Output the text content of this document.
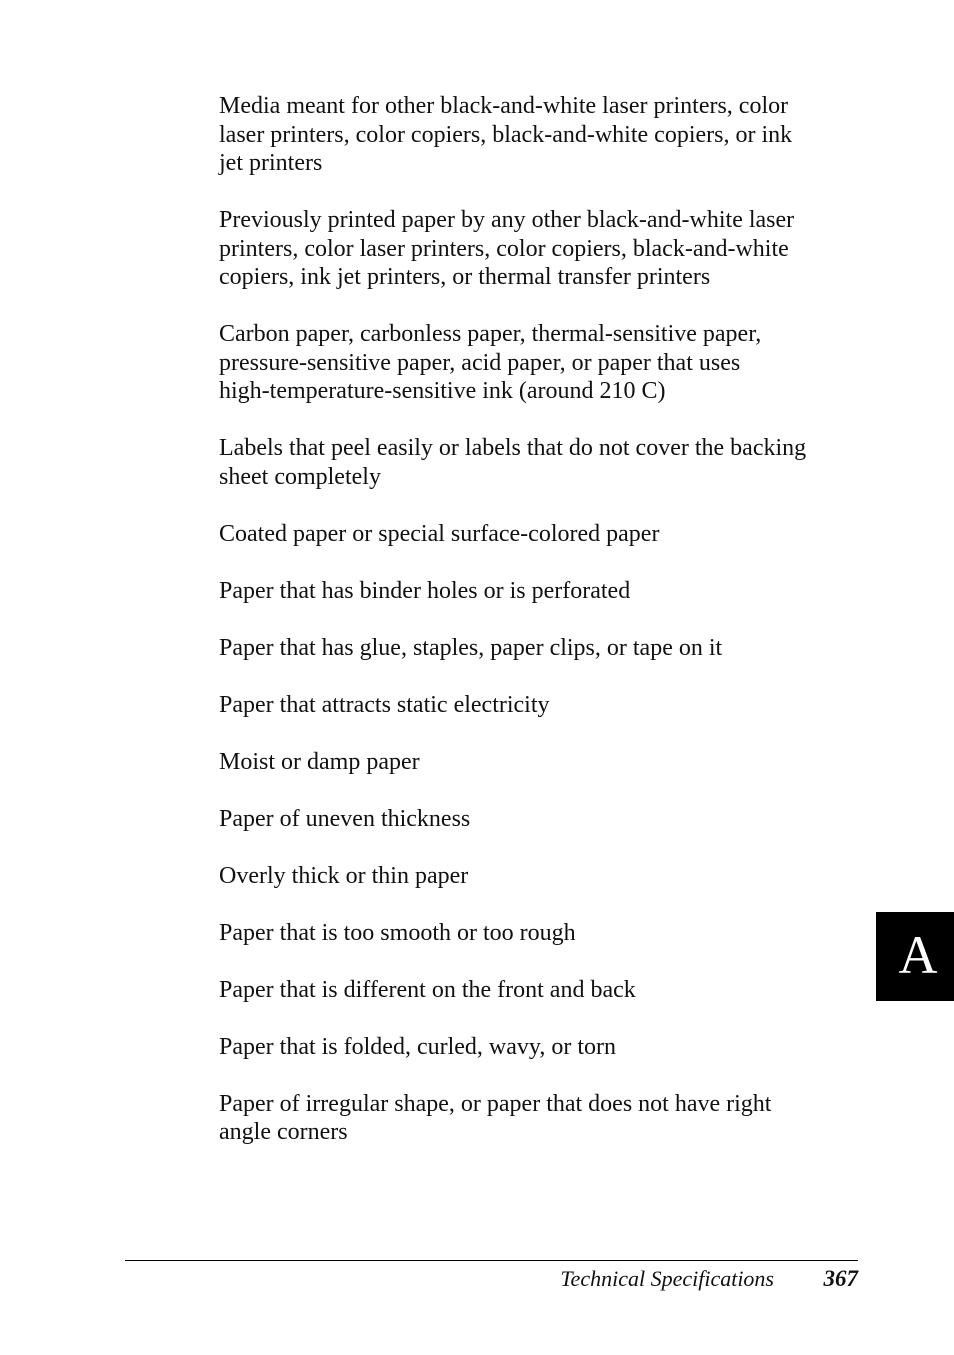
Media meant for other black-and-white laser printers, color
laser printers, color copiers, black-and-white copiers, or ink
jet printers

Previously printed paper by any other black-and-white laser
printers, color laser printers, color copiers, black-and-white
copiers, ink jet printers, or thermal transfer printers

Carbon paper, carbonless paper, thermal-sensitive paper,
pressure-sensitive paper, acid paper, or paper that uses
high-temperature-sensitive ink (around 210 C)

Labels that peel easily or labels that do not cover the backing
sheet completely

Coated paper or special surface-colored paper

Paper that has binder holes or is perforated

Paper that has glue, staples, paper clips, or tape on it

Paper that attracts static electricity

Moist or damp paper

Paper of uneven thickness

Overly thick or thin paper

Paper that is too smooth or too rough

Paper that is different on the front and back

Paper that is folded, curled, wavy, or torn

Paper of irregular shape, or paper that does not have right
angle corners

A
Technical Specifications 367
